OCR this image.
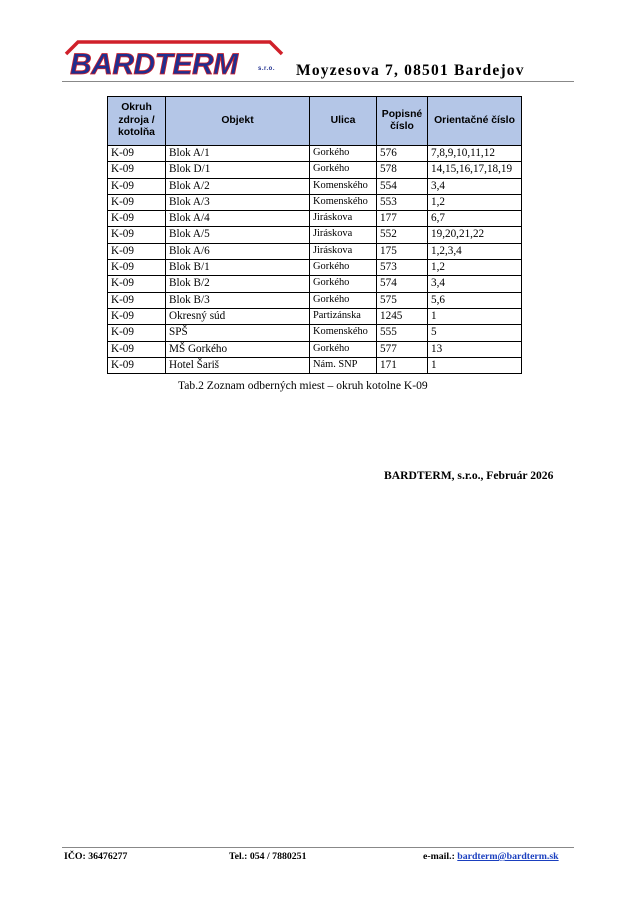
BARDTERM	s.r.o. Moyzesova 7, 08501 Bardejov
Okruh zdroja / kotolňa	Objekt	Ulica	Popisné číslo	Orientačné číslo
K-09	Blok A/1	Gorkého	576	7,8,9,10,11,12
K-09	Blok D/1	Gorkého	578	14,15,16,17,18,19
K-09	Blok A/2	Komenského	554	3,4
K-09	Blok A/3	Komenského	553	1,2
K-09	Blok A/4	Jiráskova	177	6,7
K-09	Blok A/5	Jiráskova	552	19,20,21,22
K-09	Blok A/6	Jiráskova	175	1,2,3,4
K-09	Blok B/1	Gorkého	573	1,2
K-09	Blok B/2	Gorkého	574	3,4
K-09	Blok B/3	Gorkého	575	5,6
K-09	Okresný súd	Partizánska	1245	1
K-09	SPŠ	Komenského	555	5
K-09	MŠ Gorkého	Gorkého	577	13
K-09	Hotel Šariš	Nám. SNP	171	1
Tab.2 Zoznam odberných miest – okruh kotolne K-09
BARDTERM, s.r.o., Február 2026
IČO: 36476277	Tel.: 054 / 7880251	e-mail.: bardterm@bardterm.sk
